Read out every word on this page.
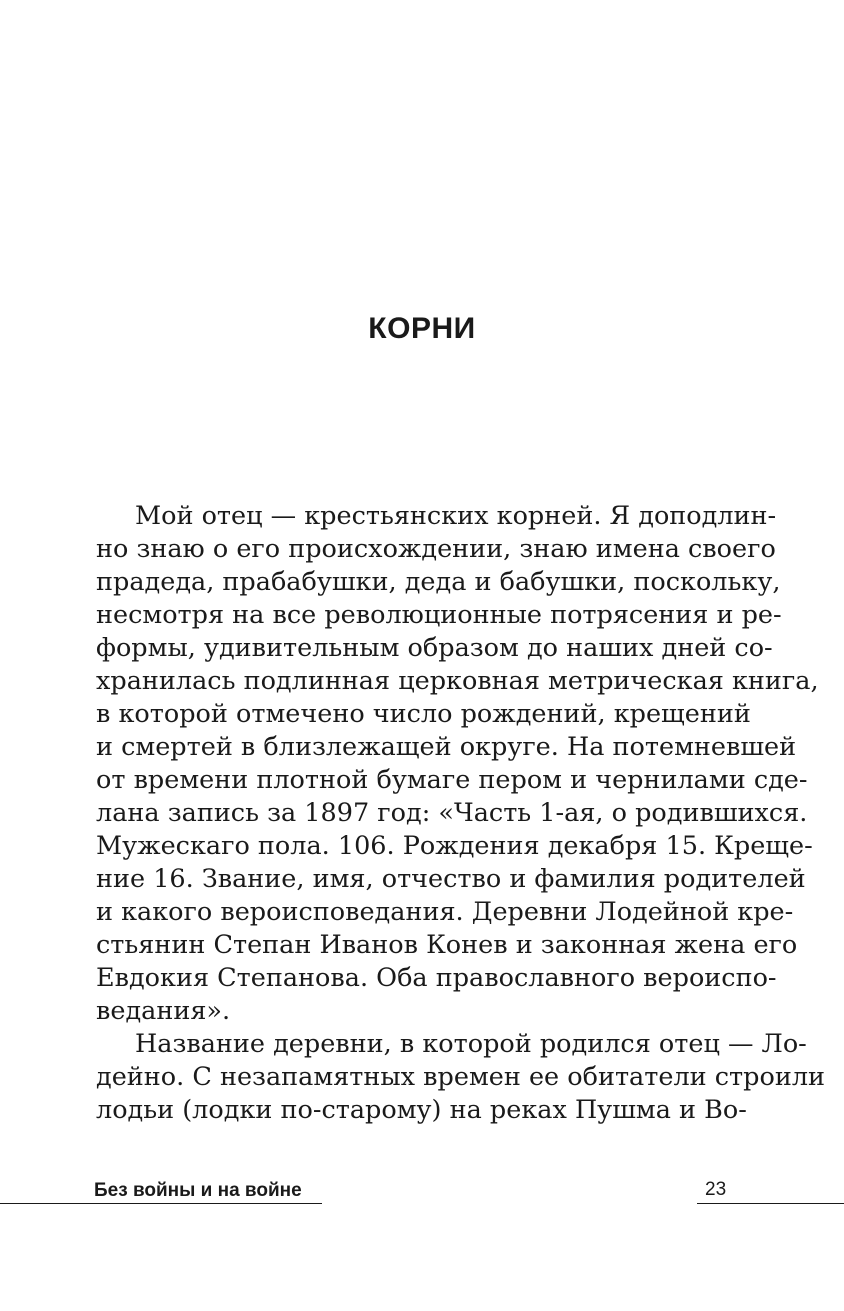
КОРНИ
Мой отец — крестьянских корней. Я доподлин-
но знаю о его происхождении, знаю имена своего
прадеда, прабабушки, деда и бабушки, поскольку,
несмотря на все революционные потрясения и ре-
формы, удивительным образом до наших дней со-
хранилась подлинная церковная метрическая книга,
в которой отмечено число рождений, крещений
и смертей в близлежащей округе. На потемневшей
от времени плотной бумаге пером и чернилами сде-
лана запись за 1897 год: «Часть 1-ая, о родившихся.
Мужескаго пола. 106. Рождения декабря 15. Креще-
ние 16. Звание, имя, отчество и фамилия родителей
и какого вероисповедания. Деревни Лодейной кре-
стьянин Степан Иванов Конев и законная жена его
Евдокия Степанова. Оба православного вероиспо-
ведания».
Название деревни, в которой родился отец — Ло-
дейно. С незапамятных времен ее обитатели строили
лодьи (лодки по-старому) на реках Пушма и Во-
Без войны и на войне	23
